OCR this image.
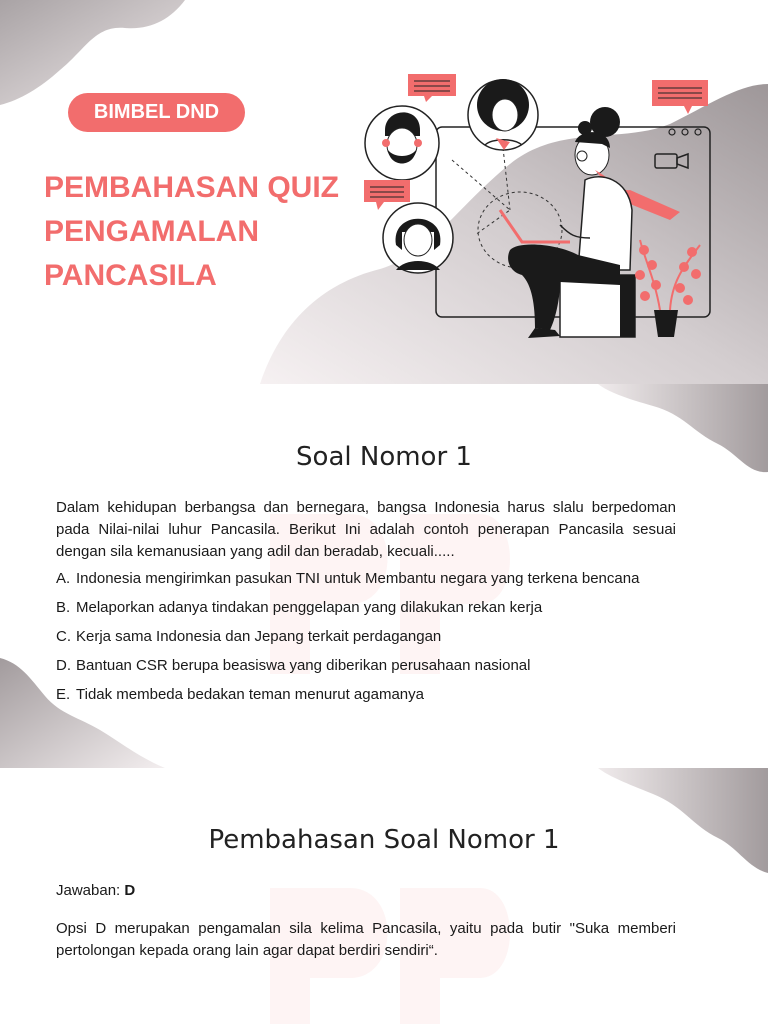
BIMBEL DND
PEMBAHASAN QUIZ
PENGAMALAN
PANCASILA
Soal Nomor 1

Dalam kehidupan berbangsa dan bernegara, bangsa Indonesia harus slalu berpedoman pada Nilai-nilai luhur Pancasila. Berikut Ini adalah contoh penerapan Pancasila sesuai dengan sila kemanusiaan yang adil dan beradab, kecuali.....

A. Indonesia mengirimkan pasukan TNI untuk Membantu negara yang terkena bencana
B. Melaporkan adanya tindakan penggelapan yang dilakukan rekan kerja
C. Kerja sama Indonesia dan Jepang terkait perdagangan
D. Bantuan CSR berupa beasiswa yang diberikan perusahaan nasional
E. Tidak membeda bedakan teman menurut agamanya
Pembahasan Soal Nomor 1

Jawaban: D

Opsi D merupakan pengamalan sila kelima Pancasila, yaitu pada butir "Suka memberi pertolongan kepada orang lain agar dapat berdiri sendiri“.
